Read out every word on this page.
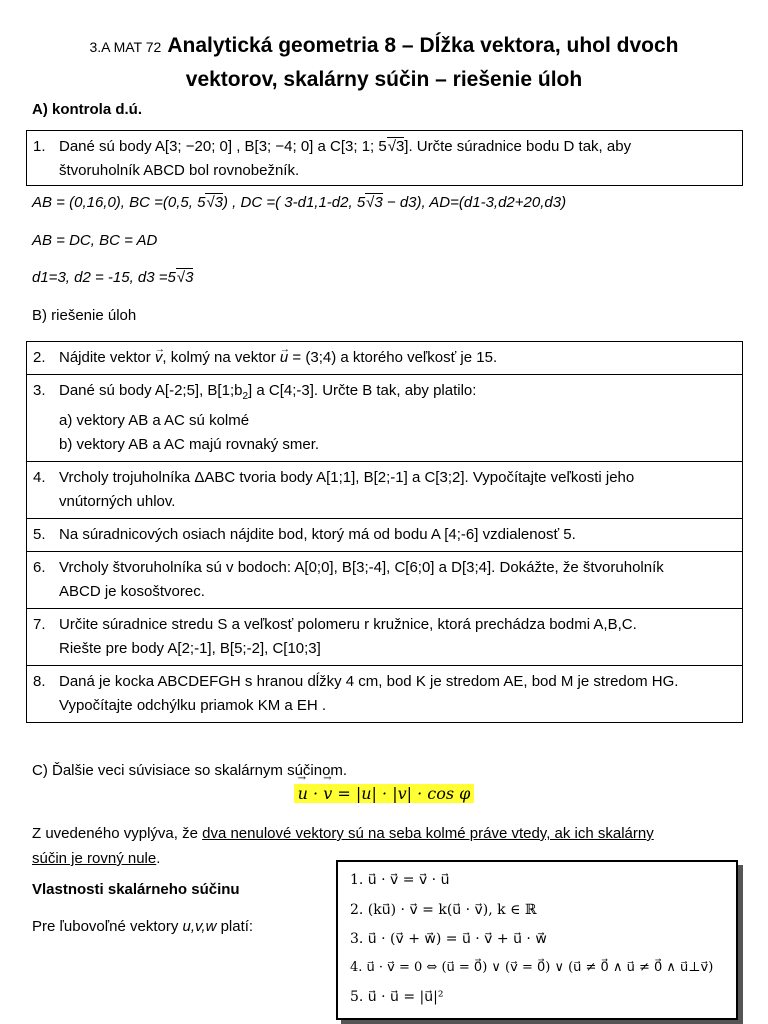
3.A MAT 72 Analytická geometria 8 – Dĺžka vektora, uhol dvoch
vektorov, skalárny súčin – riešenie úloh
A) kontrola d.ú.
1. Dané sú body A[3; −20; 0] , B[3; −4; 0] a C[3; 1; 5√3]. Určte súradnice bodu D tak, aby
štvoruholník ABCD bol rovnobežník.
AB = (0,16,0), BC =(0,5, 5√3) , DC =( 3-d1,1-d2, 5√3 − d3), AD=(d1-3,d2+20,d3)
AB = DC, BC = AD
d1=3, d2 = -15, d3 =5√3
B) riešenie úloh
2. Nájdite vektor → v, kolmý na vektor → u = (3;4) a ktorého veľkosť je 15.

3. Dané sú body A[-2;5], $B[1;b_2]$ a C[4;-3]. Určte B tak, aby platilo:
a) vektory AB a AC sú kolmé
b) vektory AB a AC majú rovnaký smer.

4. Vrcholy trojuholníka ΔABC tvoria body A[1;1], B[2;-1] a C[3;2]. Vypočítajte veľkosti jeho
vnútorných uhlov.

5. Na súradnicových osiach nájdite bod, ktorý má od bodu A [4;-6] vzdialenosť 5.

6. Vrcholy štvoruholníka sú v bodoch: A[0;0], B[3;-4], C[6;0] a D[3;4]. Dokážte, že štvoruholník
ABCD je kosoštvorec.

7. Určite súradnice stredu S a veľkosť polomeru r kružnice, ktorá prechádza bodmi A,B,C.
Riešte pre body A[2;-1], B[5;-2], C[10;3]

8. Daná je kocka ABCDEFGH s hranou dĺžky 4 cm, bod K je stredom AE, bod M je stredom HG.
Vypočítajte odchýlku priamok KM a EH .
C) Ďalšie veci súvisiace so skalárnym súčinom.
→ u · → v = |u| · |v| · cos φ
Z uvedeného vyplýva, že dva nenulové vektory sú na seba kolmé práve vtedy, ak ich skalárny
súčin je rovný nule.
Vlastnosti skalárneho súčinu
Pre ľubovoľné vektory u,v,w platí:
1. u⃗ · v⃗ = v⃗ · u⃗
2. (ku⃗) · v⃗ = k(u⃗ · v⃗), k ∈ ℝ
3. u⃗ · (v⃗ + w⃗) = u⃗ · v⃗ + u⃗ · w⃗
4. u⃗ · v⃗ = 0 ⇔ (u⃗ = 0⃗) ∨ (v⃗ = 0⃗) ∨ (u⃗ ≠ 0⃗ ∧ u⃗ ≠ 0⃗ ∧ u⃗⊥v⃗)
5. u⃗ · u⃗ = |u⃗|²
